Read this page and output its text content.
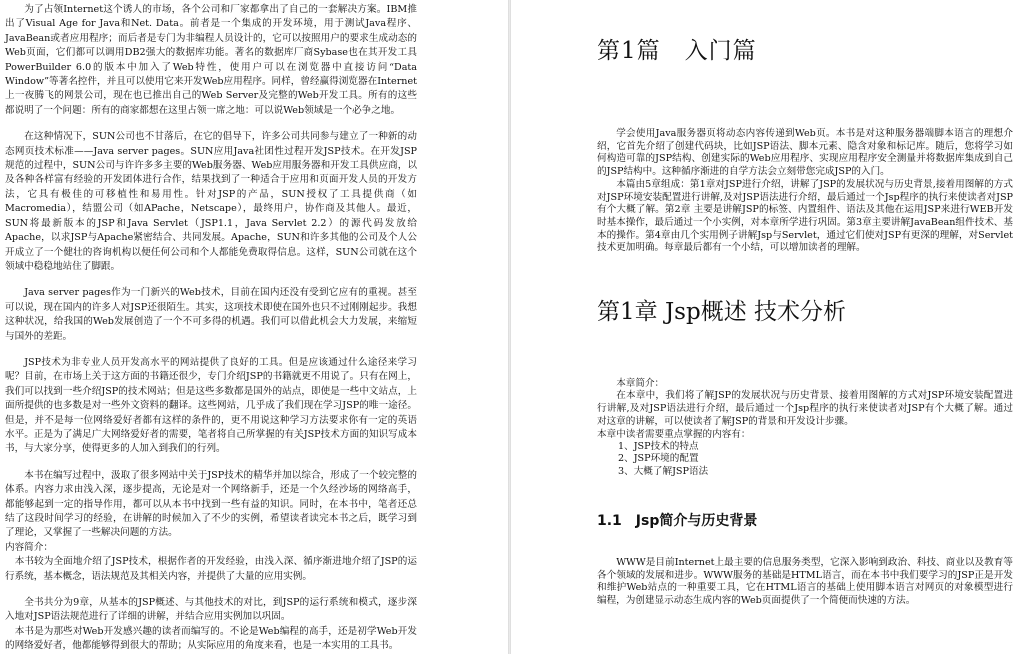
为了占领Internet这个诱人的市场，各个公司和厂家都拿出了自己的一套解决方案。IBM推出了Visual Age for Java和Net. Data。前者是一个集成的开发环境，用于测试Java程序、JavaBean或者应用程序；而后者是专门为非编程人员设计的，它可以按照用户的要求生成动态的Web页面，它们都可以调用DB2强大的数据库功能。著名的数据库厂商Sybase也在其开发工具PowerBuilder 6.0的版本中加入了Web特性，使用户可以在浏览器中直接访问“Data Window”等著名控件，并且可以使用它来开发Web应用程序。同样，曾经赢得浏览器在Internet上一夜腾飞的网景公司，现在也已推出自己的Web Server及完整的Web开发工具。所有的这些都说明了一个问题：所有的商家都想在这里占领一席之地：可以说Web领域是一个必争之地。

在这种情况下，SUN公司也不甘落后，在它的倡导下，许多公司共同参与建立了一种新的动态网页技术标准——Java server pages。SUN应用Java社团性过程开发JSP技术。在开发JSP规范的过程中，SUN公司与许许多多主要的Web服务器、Web应用服务器和开发工具供应商，以及各种各样富有经验的开发团体进行合作，结果找到了一种适合于应用和页面开发人员的开发方法，它具有极佳的可移植性和易用性。针对JSP的产品，SUN授权了工具提供商（如Macromedia），结盟公司（如APache，Netscape），最终用户，协作商及其他人。最近，SUN将最新版本的JSP和Java Servlet（JSP1.1，Java Servlet 2.2）的源代码发放给Apache，以求JSP与Apache紧密结合、共同发展。Apache，SUN和许多其他的公司及个人公开成立了一个健壮的咨询机构以便任何公司和个人都能免费取得信息。这样，SUN公司就在这个领域中稳稳地站住了脚跟。

Java server pages作为一门新兴的Web技术，目前在国内还没有受到它应有的重视。甚至可以说，现在国内的许多人对JSP还很陌生。其实，这项技术即使在国外也只不过刚刚起步。我想这种状况，给我国的Web发展创造了一个不可多得的机遇。我们可以借此机会大力发展，来缩短与国外的差距。

JSP技术为非专业人员开发高水平的网站提供了良好的工具。但是应该通过什么途径来学习呢？目前，在市场上关于这方面的书籍还很少，专门介绍JSP的书籍就更不用说了。只有在网上，我们可以找到一些介绍JSP的技术网站；但是这些多数都是国外的站点，即使是一些中文站点，上面所提供的也多数是对一些外文资料的翻译。这些网站，几乎成了我们现在学习JSP的唯一途径。但是，并不是每一位网络爱好者都有这样的条件的，更不用说这种学习方法要求你有一定的英语水平。正是为了满足广大网络爱好者的需要，笔者将自己所掌握的有关JSP技术方面的知识写成本书，与大家分享，使得更多的人加入到我们的行列。

本书在编写过程中，汲取了很多网站中关于JSP技术的精华并加以综合，形成了一个较完整的体系。内容力求由浅入深，逐步提高，无论是对一个网络新手，还是一个久经沙场的网络高手，都能够起到一定的指导作用，都可以从本书中找到一些有益的知识。同时，在本书中，笔者还总结了这段时间学习的经验，在讲解的时候加入了不少的实例，希望读者读完本书之后，既学习到了理论，又掌握了一些解决问题的方法。
内容简介：
　本书较为全面地介绍了JSP技术，根据作者的开发经验，由浅入深、循序渐进地介绍了JSP的运行系统，基本概念，语法规范及其相关内容，并提供了大量的应用实例。

全书共分为9章，从基本的JSP概述、与其他技术的对比，到JSP的运行系统和模式，逐步深入地对JSP语法规范进行了详细的讲解，并结合应用实例加以巩固。
　本书是为那些对Web开发感兴趣的读者而编写的。不论是Web编程的高手，还是初学Web开发的网络爱好者，他都能够得到很大的帮助；从实际应用的角度来看，也是一本实用的工具书。

第1篇　入门篇

学会使用Java服务器页将动态内容传递到Web页。本书是对这种服务器端脚本语言的理想介绍，它首先介绍了创建代码块，比如JSP语法、脚本元素、隐含对象和标记库。随后，您将学习如何构造可靠的JSP结构、创建实际的Web应用程序、实现应用程序安全测量并将数据库集成到自己的JSP结构中。这种循序渐进的自学方法会立刻带您完成JSP的入门。

本篇由5章组成：第1章对JSP进行介绍，讲解了JSP的发展状况与历史背景,接着用图解的方式对JSP环境安装配置进行讲解,及对JSP语法进行介绍，最后通过一个Jsp程序的执行来使读者对JSP有个大概了解。第2章 主要是讲解JSP的标签、内置组件、语法及其他在运用JSP来进行WEB开发时基本操作，最后通过一个小实例，对本章所学进行巩固。第3章主要讲解JavaBean组件技术、基本的操作。第4章由几个实用例子讲解Jsp与Servlet，通过它们使对JSP有更深的理解，对Servlet技术更加明确。每章最后都有一个小结，可以增加读者的理解。

第1章 Jsp概述 技术分析
本章简介：

在本章中，我们将了解JSP的发展状况与历史背景、接着用图解的方式对JSP环境安装配置进行讲解,及对JSP语法进行介绍，最后通过一个Jsp程序的执行来使读者对JSP有个大概了解。通过对这章的讲解，可以使读者了解JSP的背景和开发设计步骤。

本章中读者需要重点掌握的内容有：
1、JSP技术的特点
2、JSP环境的配置
3、大概了解JSP语法
1.1　Jsp简介与历史背景

WWW是目前Internet上最主要的信息服务类型，它深入影响到政治、科技、商业以及教育等各个领域的发展和进步。WWW服务的基础是HTML语言，而在本书中我们要学习的JSP正是开发和维护Web站点的一种重要工具，它在HTML语言的基础上使用脚本语言对网页的对象模型进行编程，为创建显示动态生成内容的Web页面提供了一个简便而快速的方法。
